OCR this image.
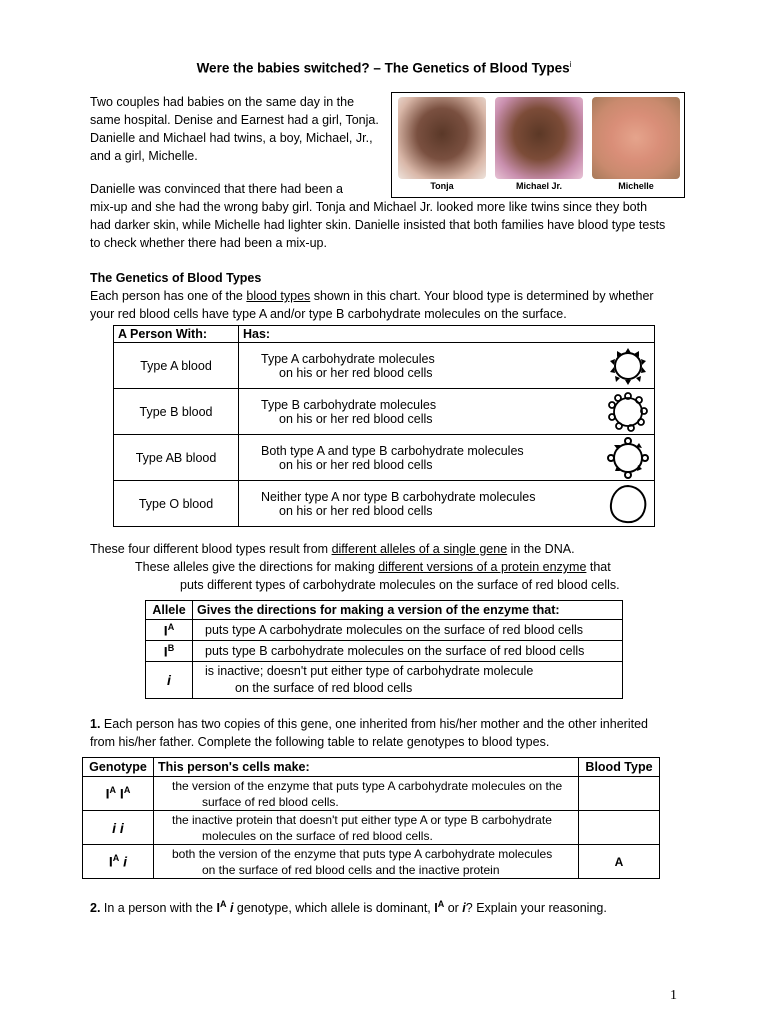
Were the babies switched? – The Genetics of Blood Types$^i$
Two couples had babies on the same day in the same hospital. Denise and Earnest had a girl, Tonja. Danielle and Michael had twins, a boy, Michael, Jr., and a girl, Michelle.
Danielle was convinced that there had been a
mix-up and she had the wrong baby girl. Tonja and Michael Jr. looked more like twins since they both had darker skin, while Michelle had lighter skin. Danielle insisted that both families have blood type tests to check whether there had been a mix-up.
Tonja	Michael Jr.	Michelle
The Genetics of Blood Types
Each person has one of the blood types shown in this chart. Your blood type is determined by whether your red blood cells have type A and/or type B carbohydrate molecules on the surface.
A Person With:	Has:
Type A blood	Type A carbohydrate molecules
on his or her red blood cells

Type B blood	Type B carbohydrate molecules
on his or her red blood cells

Type AB blood	Both type A and type B carbohydrate molecules
on his or her red blood cells

Type O blood	Neither type A nor type B carbohydrate molecules
on his or her red blood cells
These four different blood types result from different alleles of a single gene in the DNA.
These alleles give the directions for making different versions of a protein enzyme that
puts different types of carbohydrate molecules on the surface of red blood cells.
Allele	Gives the directions for making a version of the enzyme that:
$I^A$	puts type A carbohydrate molecules on the surface of red blood cells
$I^B$	puts type B carbohydrate molecules on the surface of red blood cells
i	is inactive; doesn't put either type of carbohydrate molecule
on the surface of red blood cells
1. Each person has two copies of this gene, one inherited from his/her mother and the other inherited from his/her father. Complete the following table to relate genotypes to blood types.
Genotype	This person's cells make:	Blood Type
$I^A$ $I^A$	the version of the enzyme that puts type A carbohydrate molecules on the
surface of red blood cells.	
i i	the inactive protein that doesn't put either type A or type B carbohydrate
molecules on the surface of red blood cells.	
$I^A$ i	both the version of the enzyme that puts type A carbohydrate molecules
on the surface of red blood cells and the inactive protein	A
2. In a person with the $I^A$ i genotype, which allele is dominant, $I^A$ or i? Explain your reasoning.
1
